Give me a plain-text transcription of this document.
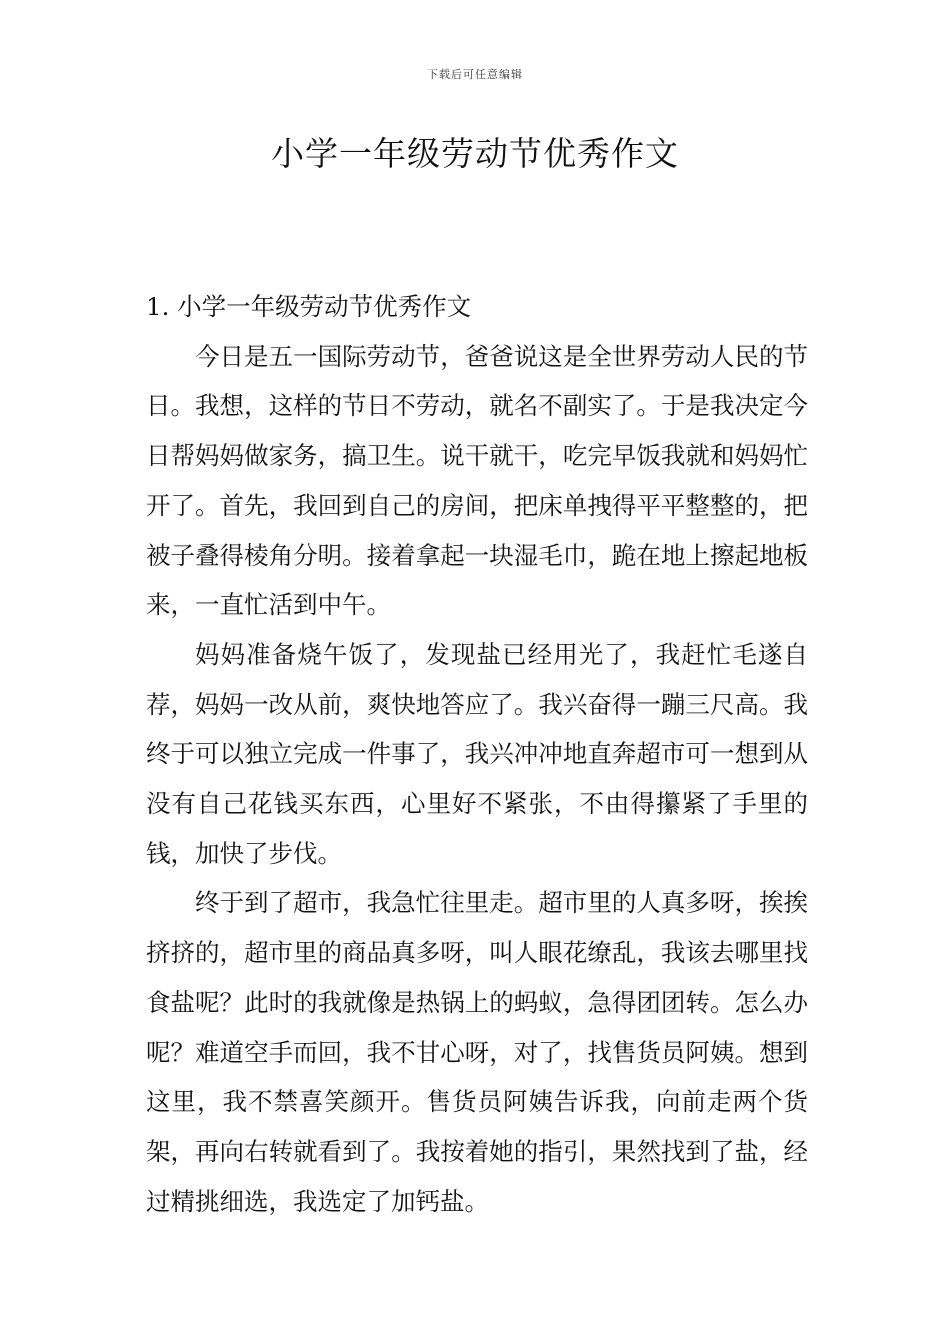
下载后可任意编辑
小学一年级劳动节优秀作文
1. 小学一年级劳动节优秀作文

今日是五一国际劳动节，爸爸说这是全世界劳动人民的节日。我想，这样的节日不劳动，就名不副实了。于是我决定今日帮妈妈做家务，搞卫生。说干就干，吃完早饭我就和妈妈忙开了。首先，我回到自己的房间，把床单拽得平平整整的，把被子叠得棱角分明。接着拿起一块湿毛巾，跪在地上擦起地板来，一直忙活到中午。

妈妈准备烧午饭了，发现盐已经用光了，我赶忙毛遂自荐，妈妈一改从前，爽快地答应了。我兴奋得一蹦三尺高。我终于可以独立完成一件事了，我兴冲冲地直奔超市可一想到从没有自己花钱买东西，心里好不紧张，不由得攥紧了手里的钱，加快了步伐。

终于到了超市，我急忙往里走。超市里的人真多呀，挨挨挤挤的，超市里的商品真多呀，叫人眼花缭乱，我该去哪里找食盐呢？此时的我就像是热锅上的蚂蚁，急得团团转。怎么办呢？难道空手而回，我不甘心呀，对了，找售货员阿姨。想到这里，我不禁喜笑颜开。售货员阿姨告诉我，向前走两个货架，再向右转就看到了。我按着她的指引，果然找到了盐，经过精挑细选，我选定了加钙盐。
